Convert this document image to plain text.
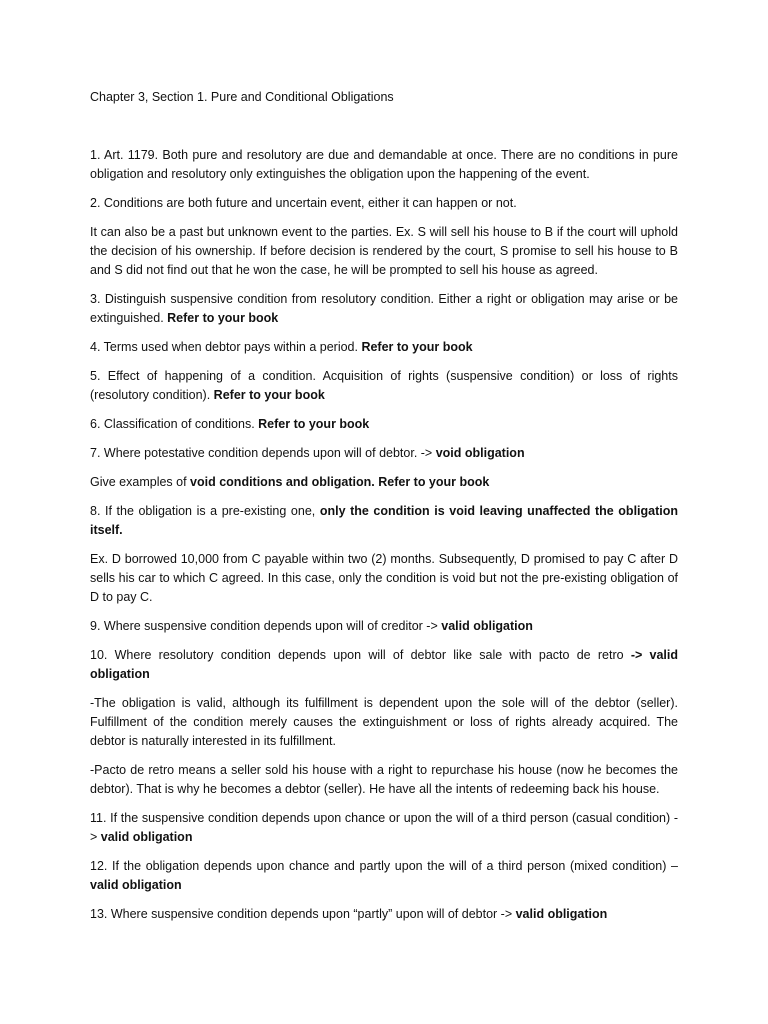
Chapter 3, Section 1. Pure and Conditional Obligations

1. Art. 1179. Both pure and resolutory are due and demandable at once. There are no conditions in pure obligation and resolutory only extinguishes the obligation upon the happening of the event.

2. Conditions are both future and uncertain event, either it can happen or not.

It can also be a past but unknown event to the parties. Ex. S will sell his house to B if the court will uphold the decision of his ownership. If before decision is rendered by the court, S promise to sell his house to B and S did not find out that he won the case, he will be prompted to sell his house as agreed.

3. Distinguish suspensive condition from resolutory condition. Either a right or obligation may arise or be extinguished. Refer to your book

4. Terms used when debtor pays within a period. Refer to your book

5. Effect of happening of a condition. Acquisition of rights (suspensive condition) or loss of rights (resolutory condition). Refer to your book

6. Classification of conditions. Refer to your book

7. Where potestative condition depends upon will of debtor. -> void obligation

Give examples of void conditions and obligation. Refer to your book

8. If the obligation is a pre-existing one, only the condition is void leaving unaffected the obligation itself.

Ex. D borrowed 10,000 from C payable within two (2) months. Subsequently, D promised to pay C after D sells his car to which C agreed. In this case, only the condition is void but not the pre-existing obligation of D to pay C.

9. Where suspensive condition depends upon will of creditor -> valid obligation

10. Where resolutory condition depends upon will of debtor like sale with pacto de retro -> valid obligation

-The obligation is valid, although its fulfillment is dependent upon the sole will of the debtor (seller). Fulfillment of the condition merely causes the extinguishment or loss of rights already acquired. The debtor is naturally interested in its fulfillment.

-Pacto de retro means a seller sold his house with a right to repurchase his house (now he becomes the debtor). That is why he becomes a debtor (seller). He have all the intents of redeeming back his house.

11. If the suspensive condition depends upon chance or upon the will of a third person (casual condition) -> valid obligation

12. If the obligation depends upon chance and partly upon the will of a third person (mixed condition) – valid obligation

13. Where suspensive condition depends upon “partly” upon will of debtor -> valid obligation
